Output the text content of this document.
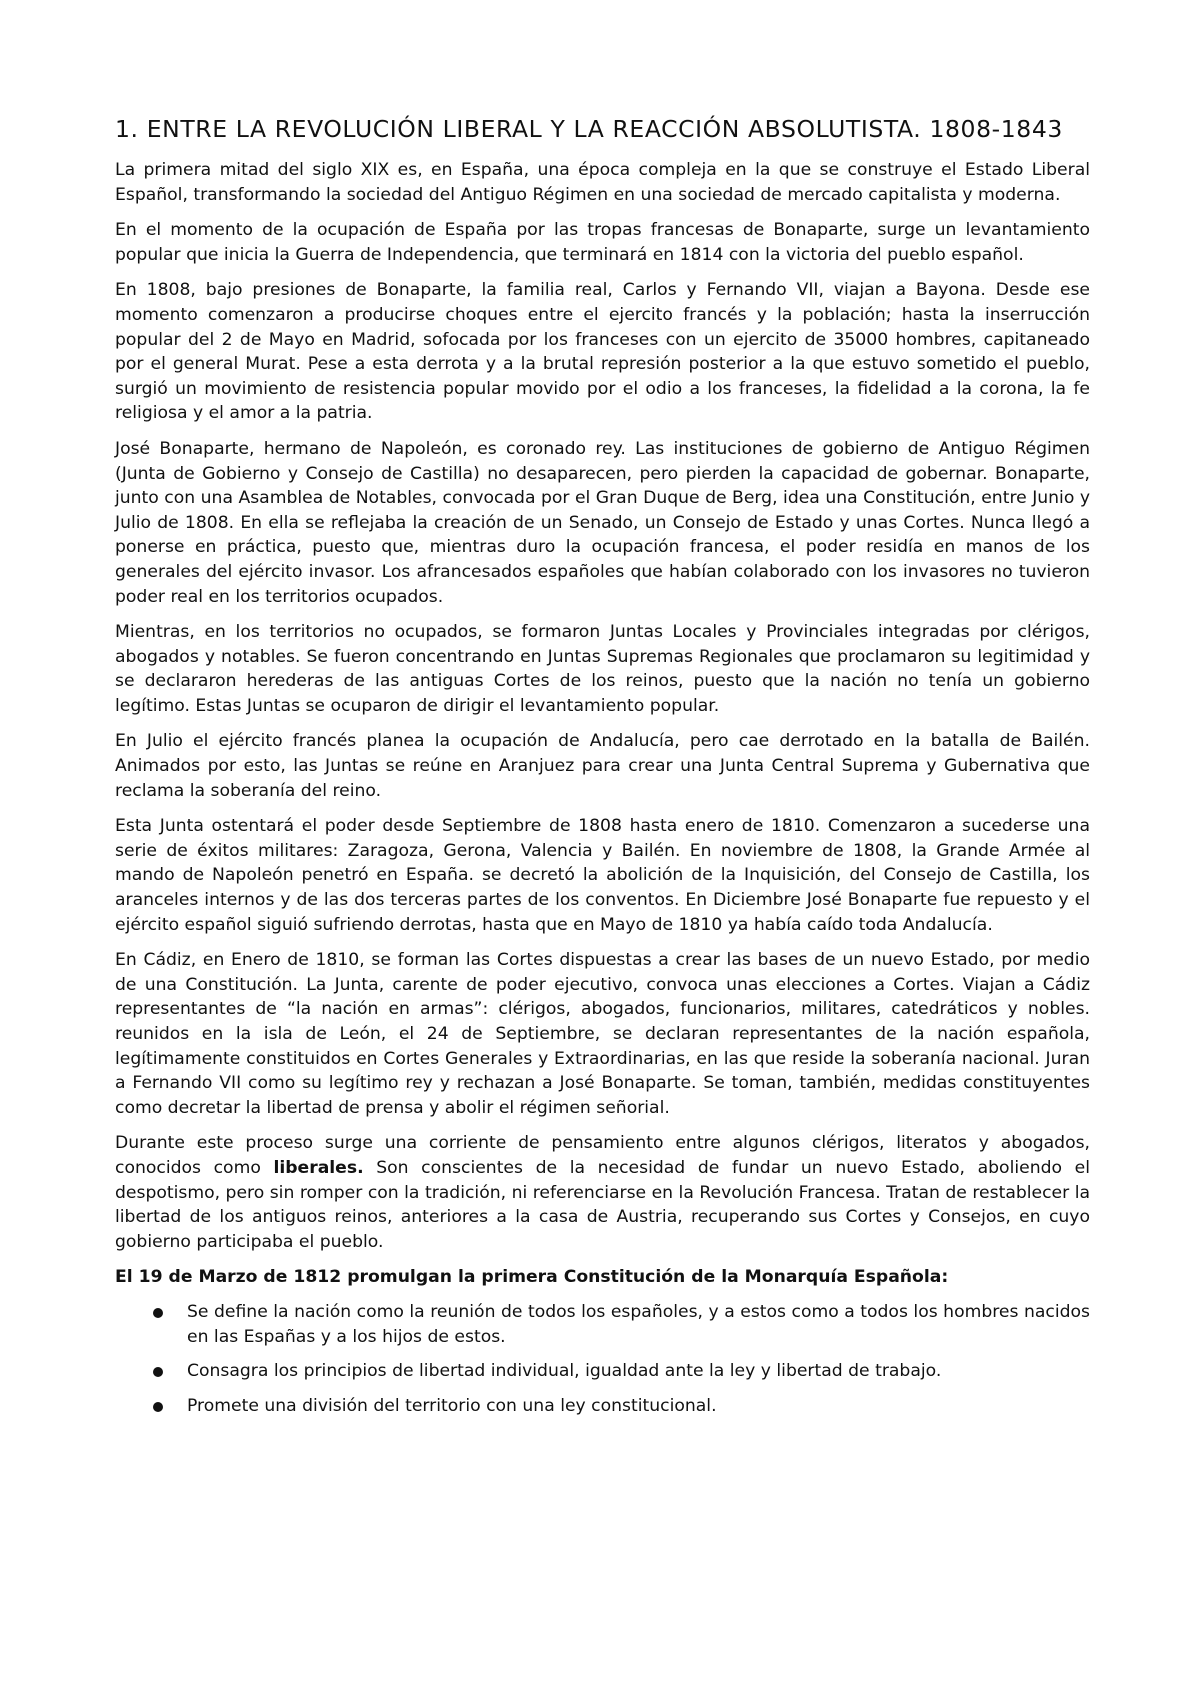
1. ENTRE LA REVOLUCIÓN LIBERAL Y LA REACCIÓN ABSOLUTISTA. 1808-1843

La primera mitad del siglo XIX es, en España, una época compleja en la que se construye el Estado Liberal Español, transformando la sociedad del Antiguo Régimen en una sociedad de mercado capitalista y moderna.

En el momento de la ocupación de España por las tropas francesas de Bonaparte, surge un levantamiento popular que inicia la Guerra de Independencia, que terminará en 1814 con la victoria del pueblo español.

En 1808, bajo presiones de Bonaparte, la familia real, Carlos y Fernando VII, viajan a Bayona. Desde ese momento comenzaron a producirse choques entre el ejercito francés y la población; hasta la inserrucción popular del 2 de Mayo en Madrid, sofocada por los franceses con un ejercito de 35000 hombres, capitaneado por el general Murat. Pese a esta derrota y a la brutal represión posterior a la que estuvo sometido el pueblo, surgió un movimiento de resistencia popular movido por el odio a los franceses, la fidelidad a la corona, la fe religiosa y el amor a la patria.

José Bonaparte, hermano de Napoleón, es coronado rey. Las instituciones de gobierno de Antiguo Régimen (Junta de Gobierno y Consejo de Castilla) no desaparecen, pero pierden la capacidad de gobernar. Bonaparte, junto con una Asamblea de Notables, convocada por el Gran Duque de Berg, idea una Constitución, entre Junio y Julio de 1808. En ella se reflejaba la creación de un Senado, un Consejo de Estado y unas Cortes. Nunca llegó a ponerse en práctica, puesto que, mientras duro la ocupación francesa, el poder residía en manos de los generales del ejército invasor. Los afrancesados españoles que habían colaborado con los invasores no tuvieron poder real en los territorios ocupados.

Mientras, en los territorios no ocupados, se formaron Juntas Locales y Provinciales integradas por clérigos, abogados y notables. Se fueron concentrando en Juntas Supremas Regionales que proclamaron su legitimidad y se declararon herederas de las antiguas Cortes de los reinos, puesto que la nación no tenía un gobierno legítimo. Estas Juntas se ocuparon de dirigir el levantamiento popular.

En Julio el ejército francés planea la ocupación de Andalucía, pero cae derrotado en la batalla de Bailén. Animados por esto, las Juntas se reúne en Aranjuez para crear una Junta Central Suprema y Gubernativa que reclama la soberanía del reino.

Esta Junta ostentará el poder desde Septiembre de 1808 hasta enero de 1810. Comenzaron a sucederse una serie de éxitos militares: Zaragoza, Gerona, Valencia y Bailén. En noviembre de 1808, la Grande Armée al mando de Napoleón penetró en España. se decretó la abolición de la Inquisición, del Consejo de Castilla, los aranceles internos y de las dos terceras partes de los conventos. En Diciembre José Bonaparte fue repuesto y el ejército español siguió sufriendo derrotas, hasta que en Mayo de 1810 ya había caído toda Andalucía.

En Cádiz, en Enero de 1810, se forman las Cortes dispuestas a crear las bases de un nuevo Estado, por medio de una Constitución. La Junta, carente de poder ejecutivo, convoca unas elecciones a Cortes. Viajan a Cádiz representantes de “la nación en armas”: clérigos, abogados, funcionarios, militares, catedráticos y nobles. reunidos en la isla de León, el 24 de Septiembre, se declaran representantes de la nación española, legítimamente constituidos en Cortes Generales y Extraordinarias, en las que reside la soberanía nacional. Juran a Fernando VII como su legítimo rey y rechazan a José Bonaparte. Se toman, también, medidas constituyentes como decretar la libertad de prensa y abolir el régimen señorial.

Durante este proceso surge una corriente de pensamiento entre algunos clérigos, literatos y abogados, conocidos como liberales. Son conscientes de la necesidad de fundar un nuevo Estado, aboliendo el despotismo, pero sin romper con la tradición, ni referenciarse en la Revolución Francesa. Tratan de restablecer la libertad de los antiguos reinos, anteriores a la casa de Austria, recuperando sus Cortes y Consejos, en cuyo gobierno participaba el pueblo.

El 19 de Marzo de 1812 promulgan la primera Constitución de la Monarquía Española:

Se define la nación como la reunión de todos los españoles, y a estos como a todos los hombres nacidos en las Españas y a los hijos de estos.
Consagra los principios de libertad individual, igualdad ante la ley y libertad de trabajo.
Promete una división del territorio con una ley constitucional.
